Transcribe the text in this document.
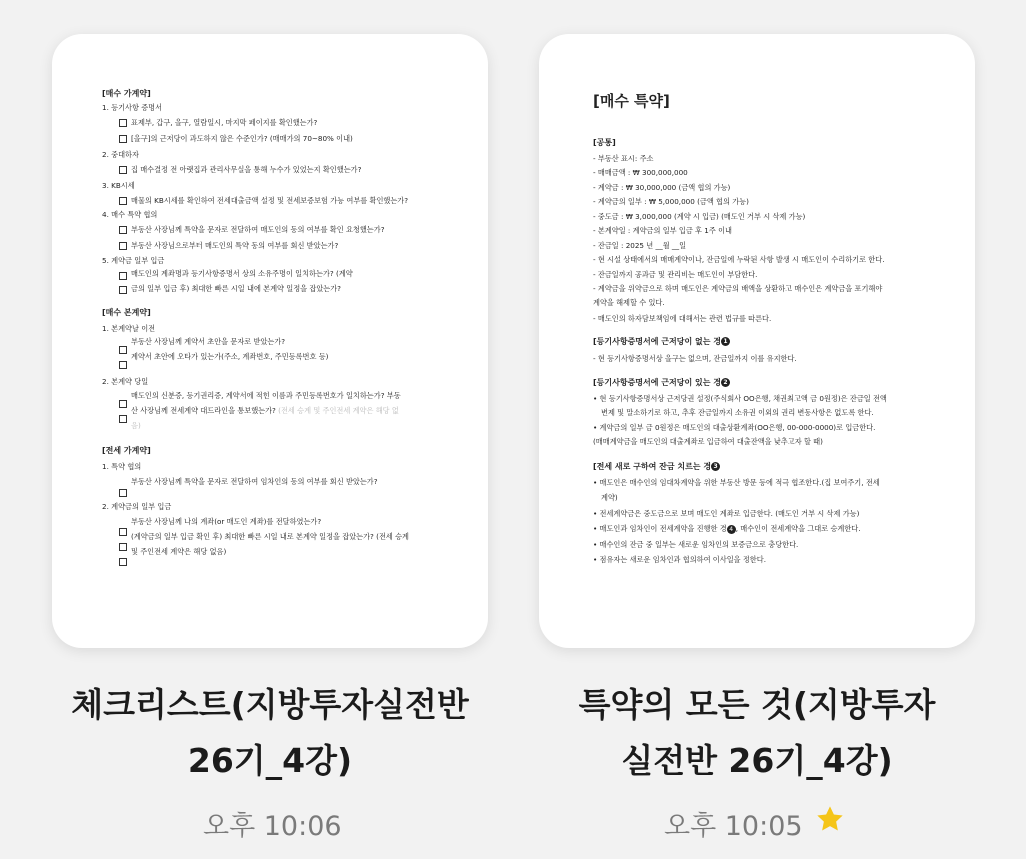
[매수 가계약]
1. 등기사항 증명서
표제부, 갑구, 을구, 열람일시, 마지막 페이지를 확인했는가?
[을구]의 근저당이 과도하지 않은 수준인가? (매매가의 70~80% 이내)
2. 중대하자
집 매수결정 전 아랫집과 관리사무실을 통해 누수가 있었는지 확인했는가?
3. KB시세
매물의 KB시세를 확인하여 전세대출금액 설정 및 전세보증보험 가능 여부를 확인했는가?
4. 매수 특약 협의
부동산 사장님께 특약을 문자로 전달하여 매도인의 동의 여부를 확인 요청했는가?
부동산 사장님으로부터 매도인의 특약 동의 여부를 회신 받았는가?
5. 계약금 일부 입금
매도인의 계좌명과 등기사항증명서 상의 소유주명이 일치하는가? (계약
금의 일부 입금 후) 최대한 빠른 시일 내에 본계약 일정을 잡았는가?
[매수 본계약]
1. 본계약날 이전
부동산 사장님께 계약서 초안을 문자로 받았는가?
계약서 초안에 오타가 있는가(주소, 계좌번호, 주민등록번호 등)
2. 본계약 당일
매도인의 신분증, 등기권리증, 계약서에 적힌 이름과 주민등록번호가 일치하는가? 부동
산 사장님께 전세계약 대드라인을 통보했는가? (전세 승계 및 주인전세 계약은 해당 없
음)
[전세 가계약]
1. 특약 협의
부동산 사장님께 특약을 문자로 전달하여 임차인의 동의 여부를 회신 받았는가?
2. 계약금의 일부 입금
부동산 사장님께 나의 계좌(or 매도인 계좌)를 전달하였는가?
(계약금의 일부 입금 확인 후) 최대한 빠른 시일 내로 본계약 일정을 잡았는가? (전세 승계
및 주인전세 계약은 해당 없음)
[매수 특약]
[공통]
- 부동산 표시: 주소
- 매매금액 : ₩ 300,000,000
- 계약금 : ₩ 30,000,000 (금액 협의 가능)
- 계약금의 일부 : ₩ 5,000,000 (금액 협의 가능)
- 중도금 : ₩ 3,000,000 (계약 시 입금) (매도인 거부 시 삭제 가능)
- 본계약일 : 계약금의 일부 입금 후 1주 이내
- 잔금일 : 2025 년 __월 __일
- 현 시설 상태에서의 매매계약이나, 잔금일에 누락된 사항 발생 시 매도인이 수리하기로 한다.
- 잔금일까지 공과금 및 관리비는 매도인이 부담한다.
- 계약금을 위약금으로 하며 매도인은 계약금의 배액을 상환하고 매수인은 계약금을 포기해야
계약을 해제할 수 있다.
- 매도인의 하자담보책임에 대해서는 관련 법규를 따른다.
[등기사항증명서에 근저당이 없는 경 1
- 현 등기사항증명서상 을구는 없으며, 잔금일까지 이를 유지한다.
[등기사항증명서에 근저당이 있는 경 2
• 현 등기사항증명서상 근저당권 설정(주식회사 OO은행, 채권최고액 금 0원정)은 잔금일 전액
변제 및 말소하기로 하고, 추후 잔금일까지 소유권 이외의 권리 변동사항은 없도록 한다.
• 계약금의 일부 금 0원정은 매도인의 대출상환계좌(OO은행, 00-000-0000)로 입금한다.
(매매계약금을 매도인의 대출계좌로 입금하여 대출잔액을 낮추고자 할 때)
[전세 새로 구하여 잔금 치르는 경 3
• 매도인은 매수인의 임대차계약을 위한 부동산 방문 등에 적극 협조한다.(집 보여주기, 전세
계약)
• 전세계약금은 중도금으로 보며 매도인 계좌로 입금한다. (매도인 거부 시 삭제 가능)
• 매도인과 임차인이 전세계약을 진행한 경 4 , 매수인이 전세계약을 그대로 승계한다.
• 매수인의 잔금 중 일부는 새로운 임차인의 보증금으로 충당한다.
• 점유자는 새로운 임차인과 협의하여 이사일을 정한다.
체크리스트(지방투자실전반
26기_4강)
오후 10:06
특약의 모든 것(지방투자
실전반 26기_4강)
오후 10:05
